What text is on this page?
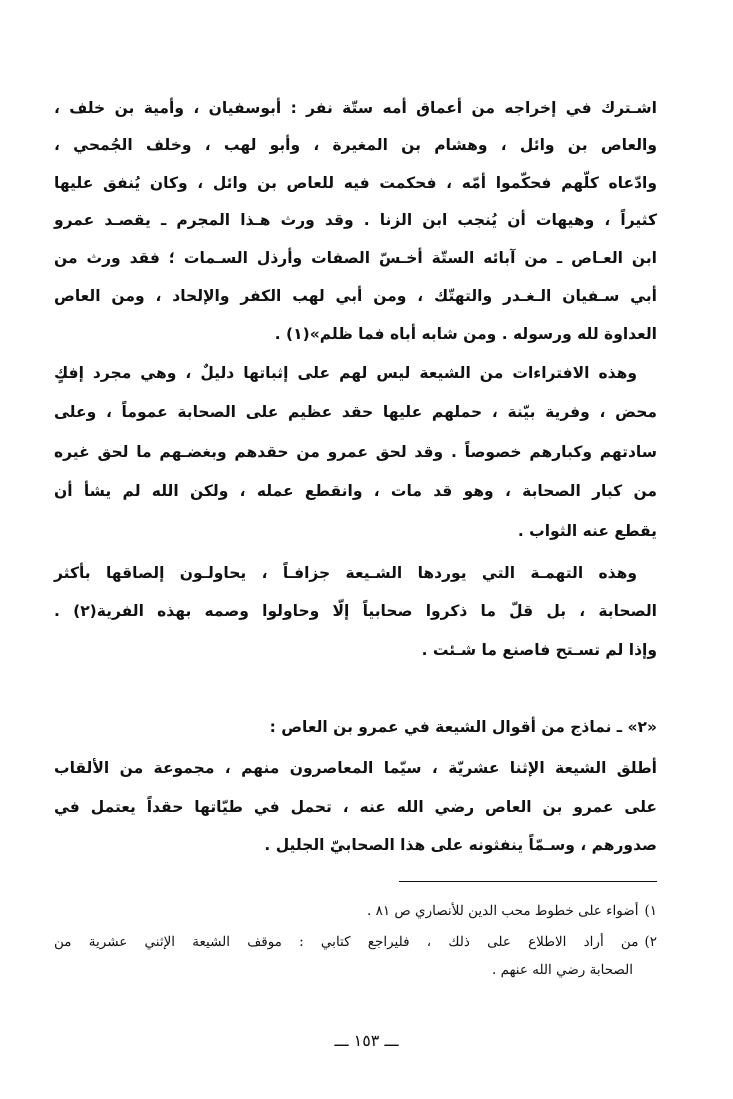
اشـترك في إخراجه من أعماق أمه ستّة نفر : أبوسفيان ، وأمية بن خلف ،
والعاص بن وائل ، وهشام بن المغيرة ، وأبو لهب ، وخلف الجُمحي ،
وادّعاه كلّهم فحكّموا أمّه ، فحكمت فيه للعاص بن وائل ، وكان يُنفق عليها
كثيراً ، وهيهات أن يُنجب ابن الزنا . وقد ورث هـذا المجرم ـ يقصـد عمرو
ابن العـاص ـ من آبائه الستّة أخـسّ الصفات وأرذل السـمات ؛ فقد ورث من
أبي سـفيان الـغـدر والتهتّك ، ومن أبي لهب الكفر والإلحاد ، ومن العاص
العداوة لله ورسوله . ومن شابه أباه فما ظلم»(١) .
وهذه الافتراءات من الشيعة ليس لهم على إثباتها دليلٌ ، وهي مجرد إفكٍ
محض ، وفرية بيّنة ، حملهم عليها حقد عظيم على الصحابة عموماً ، وعلى
سادتهم وكبارهم خصوصاً . وقد لحق عمرو من حقدهم وبغضـهم ما لحق غيره
من كبار الصحابة ، وهو قد مات ، وانقطع عمله ، ولكن الله لم يشأ أن
يقطع عنه الثواب .
وهذه التهمـة التي يوردها الشـيعة جزافـاً ، يحاولـون إلصاقها بأكثر
الصحابة ، بل قلّ ما ذكروا صحابياً إلّا وحاولوا وصمه بهذه الفرية(٢) .
وإذا لم تسـتح فاصنع ما شـئت .
«٢» ـ نماذج من أقوال الشيعة في عمرو بن العاص :
أطلق الشيعة الإثنا عشريّة ، سيّما المعاصرون منهم ، مجموعة من الألقاب
على عمرو بن العاص رضي الله عنه ، تحمل في طيّاتها حقداً يعتمل في
صدورهم ، وسـمّاً ينفثونه على هذا الصحابيّ الجليل .
١)أضواء على خطوط محب الدين للأنصاري ص ٨١ .
٢)من أراد الاطلاع على ذلك ، فليراجع كتابي : موقف الشيعة الإثني عشرية من
الصحابة رضي الله عنهم .
ـــ ١٥٣ ـــ
